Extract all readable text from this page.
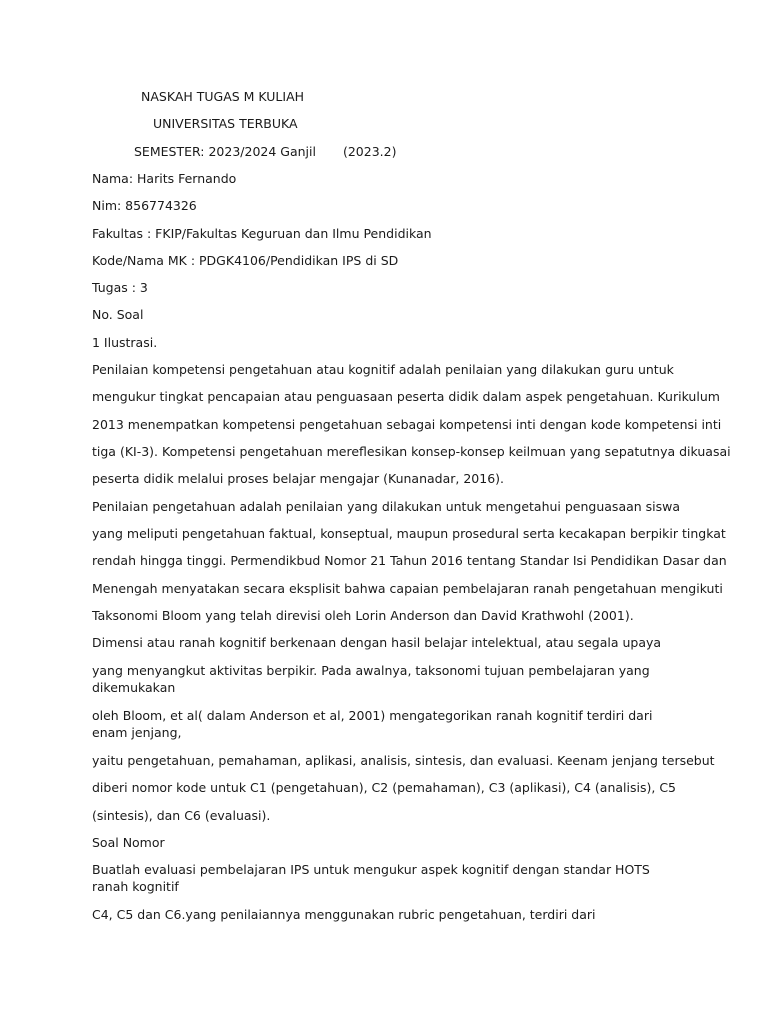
NASKAH TUGAS M KULIAH
UNIVERSITAS TERBUKA
SEMESTER: 2023/2024 Ganjil (2023.2)
Nama: Harits Fernando
Nim: 856774326
Fakultas : FKIP/Fakultas Keguruan dan Ilmu Pendidikan
Kode/Nama MK : PDGK4106/Pendidikan IPS di SD
Tugas : 3
No. Soal
1 Ilustrasi.
Penilaian kompetensi pengetahuan atau kognitif adalah penilaian yang dilakukan guru untuk
mengukur tingkat pencapaian atau penguasaan peserta didik dalam aspek pengetahuan. Kurikulum
2013 menempatkan kompetensi pengetahuan sebagai kompetensi inti dengan kode kompetensi inti
tiga (KI-3). Kompetensi pengetahuan mereflesikan konsep-konsep keilmuan yang sepatutnya dikuasai
peserta didik melalui proses belajar mengajar (Kunanadar, 2016).
Penilaian pengetahuan adalah penilaian yang dilakukan untuk mengetahui penguasaan siswa
yang meliputi pengetahuan faktual, konseptual, maupun prosedural serta kecakapan berpikir tingkat
rendah hingga tinggi. Permendikbud Nomor 21 Tahun 2016 tentang Standar Isi Pendidikan Dasar dan
Menengah menyatakan secara eksplisit bahwa capaian pembelajaran ranah pengetahuan mengikuti
Taksonomi Bloom yang telah direvisi oleh Lorin Anderson dan David Krathwohl (2001).
Dimensi atau ranah kognitif berkenaan dengan hasil belajar intelektual, atau segala upaya
yang menyangkut aktivitas berpikir. Pada awalnya, taksonomi tujuan pembelajaran yang dikemukakan
oleh Bloom, et al( dalam Anderson et al, 2001) mengategorikan ranah kognitif terdiri dari enam jenjang,
yaitu pengetahuan, pemahaman, aplikasi, analisis, sintesis, dan evaluasi. Keenam jenjang tersebut
diberi nomor kode untuk C1 (pengetahuan), C2 (pemahaman), C3 (aplikasi), C4 (analisis), C5
(sintesis), dan C6 (evaluasi).
Soal Nomor
Buatlah evaluasi pembelajaran IPS untuk mengukur aspek kognitif dengan standar HOTS ranah kognitif
C4, C5 dan C6.yang penilaiannya menggunakan rubric pengetahuan, terdiri dari
